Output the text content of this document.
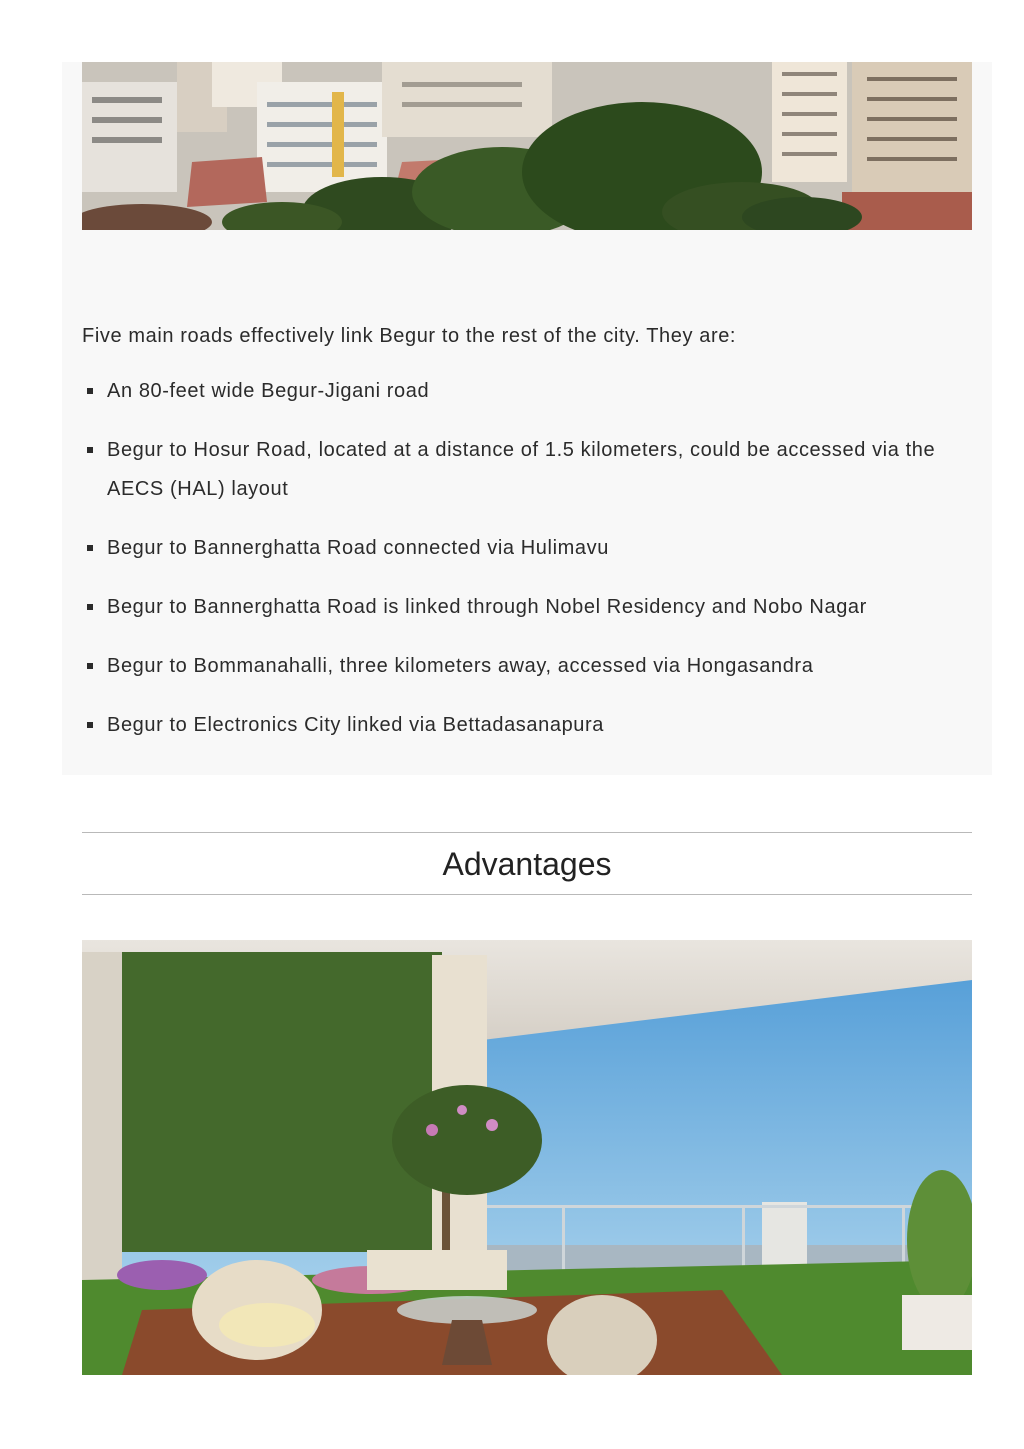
Five main roads effectively link Begur to the rest of the city. They are:

An 80-feet wide Begur-Jigani road
Begur to Hosur Road, located at a distance of 1.5 kilometers, could be accessed via the AECS (HAL) layout
Begur to Bannerghatta Road connected via Hulimavu
Begur to Bannerghatta Road is linked through Nobel Residency and Nobo Nagar
Begur to Bommanahalli, three kilometers away, accessed via Hongasandra
Begur to Electronics City linked via Bettadasanapura
Advantages
